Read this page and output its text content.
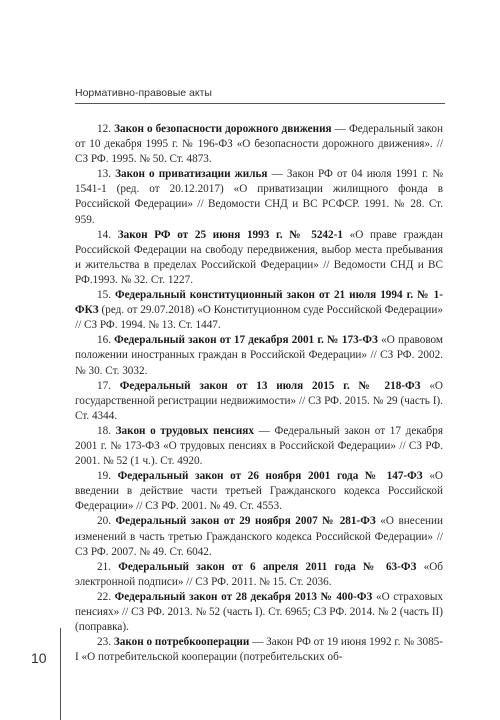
Нормативно-правовые акты

12. Закон о безопасности дорожного движения — Федеральный закон от 10 декабря 1995 г. № 196-ФЗ «О безопасности дорожного движения». // СЗ РФ. 1995. № 50. Ст. 4873.

13. Закон о приватизации жилья — Закон РФ от 04 июля 1991 г. № 1541-1 (ред. от 20.12.2017) «О приватизации жилищного фонда в Российской Федерации» // Ведомости СНД и ВС РСФСР. 1991. № 28. Ст. 959.

14. Закон РФ от 25 июня 1993 г. № 5242-1 «О праве граждан Российской Федерации на свободу передвижения, выбор места пребывания и жительства в пределах Российской Федерации» // Ведомости СНД и ВС РФ.1993. № 32. Ст. 1227.

15. Федеральный конституционный закон от 21 июля 1994 г. № 1-ФКЗ (ред. от 29.07.2018) «О Конституционном суде Российской Федерации» // СЗ РФ. 1994. № 13. Ст. 1447.

16. Федеральный закон от 17 декабря 2001 г. № 173-ФЗ «О правовом положении иностранных граждан в Российской Федерации» // СЗ РФ. 2002. № 30. Ст. 3032.

17. Федеральный закон от 13 июля 2015 г. № 218-ФЗ «О государственной регистрации недвижимости» // СЗ РФ. 2015. № 29 (часть I). Ст. 4344.

18. Закон о трудовых пенсиях — Федеральный закон от 17 декабря 2001 г. № 173-ФЗ «О трудовых пенсиях в Российской Федерации» // СЗ РФ. 2001. № 52 (1 ч.). Ст. 4920.

19. Федеральный закон от 26 ноября 2001 года № 147-ФЗ «О введении в действие части третьей Гражданского кодекса Российской Федерации» // СЗ РФ. 2001. № 49. Ст. 4553.

20. Федеральный закон от 29 ноября 2007 № 281-ФЗ «О внесении изменений в часть третью Гражданского кодекса Российской Федерации» // СЗ РФ. 2007. № 49. Ст. 6042.

21. Федеральный закон от 6 апреля 2011 года № 63-ФЗ «Об электронной подписи» // СЗ РФ. 2011. № 15. Ст. 2036.

22. Федеральный закон от 28 декабря 2013 № 400-ФЗ «О страховых пенсиях» // СЗ РФ. 2013. № 52 (часть I). Ст. 6965; СЗ РФ. 2014. № 2 (часть II) (поправка).

23. Закон о потребкооперации — Закон РФ от 19 июня 1992 г. № 3085-I «О потребительской кооперации (потребительских об-

10
